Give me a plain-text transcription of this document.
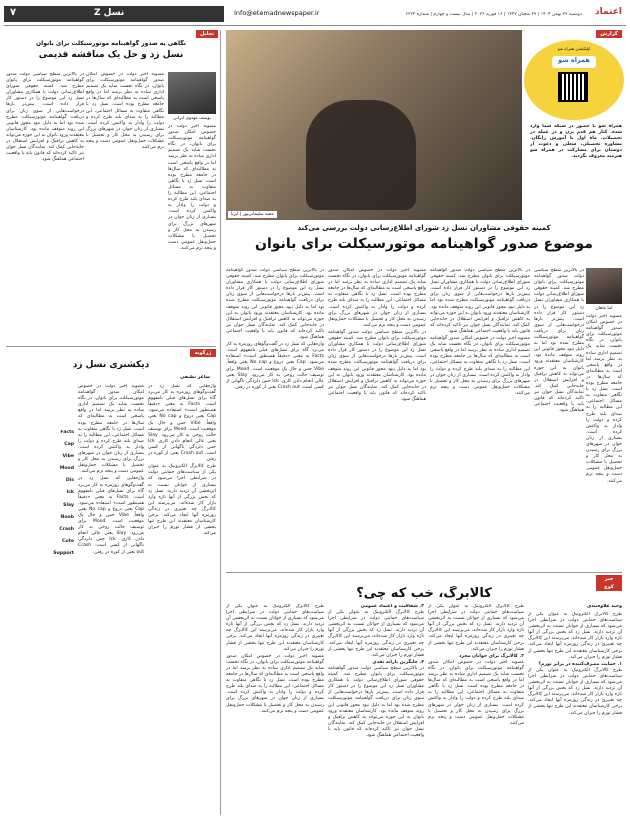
اعتماد
دوشنبه ۲۷ بهمن ۱۴۰۴ | ۲۷ شعبان ۱۴۴۷ | ۱۶ فوریه ۲۰۲۶ | سال بیست و چهارم | شماره ۶۲۶۴
Info@etemadnewspaper.ir
نسل Z
۷
تحلیل
نگاهی به صدور گواهینامه موتورسیکلت برای بانوان
نسل زد و حل یک مناقشه قدیمی
یوسف مهدوی ایرانی
مصوبه اخیر دولت در خصوص امکان صدور گواهینامه موتورسیکلت برای بانوان، در نگاه نخست شاید یک تصمیم اداری ساده به نظر برسد اما در واقع پاسخی است به مطالبه‌ای که سال‌ها در جامعه مطرح بوده است. نسل زد با نگاهی متفاوت به مسائل اجتماعی، این مطالبه را به صدای بلند طرح کرده و دولت را وادار به واکنش کرده است. بسیاری از زنان جوان در شهرهای بزرگ برای رسیدن به محل کار و تحصیل با مشکلات حمل‌ونقل عمومی دست و پنجه نرم می‌کنند.
در بالاترین سطح سیاسی دولت صدور گواهینامه موتورسیکلت برای بانوان مطرح شد. کمیته حقوقی شورای اطلاع‌رسانی دولت با همکاری مشاوران نسل زد این موضوع را در دستور کار قرار داده است. پیش‌تر بارها درخواست‌هایی از سوی زنان برای دریافت گواهینامه موتورسیکلت مطرح شده بود اما به دلیل نبود مجوز قانونی این روند متوقف مانده بود. کارشناسان معتقدند ورود بانوان به این حوزه می‌تواند به کاهش ترافیک و افزایش استقلال در جابه‌جایی کمک کند. نمایندگان نسل جوان نیز تاکید کرده‌اند که قانون باید با واقعیت اجتماعی هماهنگ شود.
مصوبه اخیر دولت در خصوص امکان صدور گواهینامه موتورسیکلت برای بانوان، در نگاه نخست شاید یک تصمیم اداری ساده به نظر برسد اما در واقع پاسخی است به مطالبه‌ای که سال‌ها در جامعه مطرح بوده است. نسل زد با نگاهی متفاوت به مسائل اجتماعی، این مطالبه را به صدای بلند طرح کرده و دولت را وادار به واکنش کرده است. بسیاری از زنان جوان در شهرهای بزرگ برای رسیدن به محل کار و تحصیل با مشکلات حمل‌ونقل عمومی دست و پنجه نرم می‌کنند.
ژرگونه
دیکشنری نسل زد
ساغر نظیفی
واژه‌هایی که نسل زد در گفت‌وگوهای روزمره به کار می‌برد گاه برای نسل‌های قبلی نامفهوم است. Facts به معنی «دقیقاً همینطور است» استفاده می‌شود. Cap یعنی دروغ و No cap یعنی واقعاً. Vibe حس و حال یک موقعیت است. Mood برای توصیف حالت روحی به کار می‌رود. Slay یعنی عالی انجام دادن کاری. Ick حس دلزدگی ناگهانی از کسی است. Crash out یعنی از کوره در رفتن.

طرح کالابرگ الکترونیک به عنوان یکی از سیاست‌های حمایتی دولت در شرایطی اجرا می‌شود که بسیاری از جوانان نسبت به اثربخشی آن تردید دارند. نسل زد که بخش بزرگی از آنها تازه وارد بازار کار شده‌اند، می‌پرسند این کالابرگ چه تغییری در زندگی روزمره آنها ایجاد می‌کند. برخی کارشناسان معتقدند این طرح تنها بخشی از فشار تورم را جبران می‌کند.
مصوبه اخیر دولت در خصوص امکان صدور گواهینامه موتورسیکلت برای بانوان، در نگاه نخست شاید یک تصمیم اداری ساده به نظر برسد اما در واقع پاسخی است به مطالبه‌ای که سال‌ها در جامعه مطرح بوده است. نسل زد با نگاهی متفاوت به مسائل اجتماعی، این مطالبه را به صدای بلند طرح کرده و دولت را وادار به واکنش کرده است. بسیاری از زنان جوان در شهرهای بزرگ برای رسیدن به محل کار و تحصیل با مشکلات حمل‌ونقل عمومی دست و پنجه نرم می‌کنند.

واژه‌هایی که نسل زد در گفت‌وگوهای روزمره به کار می‌برد گاه برای نسل‌های قبلی نامفهوم است. Facts به معنی «دقیقاً همینطور است» استفاده می‌شود. Cap یعنی دروغ و No cap یعنی واقعاً. Vibe حس و حال یک موقعیت است. Mood برای توصیف حالت روحی به کار می‌رود. Slay یعنی عالی انجام دادن کاری. Ick حس دلزدگی ناگهانی از کسی است. Crash out یعنی از کوره در رفتن.
Facts
Cap
Vibe
Mood
Dis
Ick
Slay
Noob
Crash
Cute
Support
گزارش
همراه شو
اپلیکیشن همراه شو
همراه شو با حضور در شبکه شما وارد شده. کنار هم قدم بزن و در عمله در تحصیلات. ماه اول با آموزش رایگان. مشاوره تحصیلی، شغلی و دعوت از دوستان برای مشارکت در همراه شو هنرمند معروف بگردید.
مجید سلیمانی‌پور | ایرنا
کمیته حقوقی مشاوران نسل زد شورای اطلاع‌رسانی دولت بررسی می‌کند
موضوع صدور گواهینامه موتورسیکلت برای بانوان
آتنا ماهان
در بالاترین سطح سیاسی دولت صدور گواهینامه موتورسیکلت برای بانوان مطرح شد. کمیته حقوقی شورای اطلاع‌رسانی دولت با همکاری مشاوران نسل زد این موضوع را در دستور کار قرار داده است. پیش‌تر بارها درخواست‌هایی از سوی زنان برای دریافت گواهینامه موتورسیکلت مطرح شده بود اما به دلیل نبود مجوز قانونی این روند متوقف مانده بود. کارشناسان معتقدند ورود بانوان به این حوزه می‌تواند به کاهش ترافیک و افزایش استقلال در جابه‌جایی کمک کند. نمایندگان نسل جوان نیز تاکید کرده‌اند که قانون باید با واقعیت اجتماعی هماهنگ شود.
مصوبه اخیر دولت در خصوص امکان صدور گواهینامه موتورسیکلت برای بانوان، در نگاه نخست شاید یک تصمیم اداری ساده به نظر برسد اما در واقع پاسخی است به مطالبه‌ای که سال‌ها در جامعه مطرح بوده است. نسل زد با نگاهی متفاوت به مسائل اجتماعی، این مطالبه را به صدای بلند طرح کرده و دولت را وادار به واکنش کرده است. بسیاری از زنان جوان در شهرهای بزرگ برای رسیدن به محل کار و تحصیل با مشکلات حمل‌ونقل عمومی دست و پنجه نرم می‌کنند.
در بالاترین سطح سیاسی دولت صدور گواهینامه موتورسیکلت برای بانوان مطرح شد. کمیته حقوقی شورای اطلاع‌رسانی دولت با همکاری مشاوران نسل زد این موضوع را در دستور کار قرار داده است. پیش‌تر بارها درخواست‌هایی از سوی زنان برای دریافت گواهینامه موتورسیکلت مطرح شده بود اما به دلیل نبود مجوز قانونی این روند متوقف مانده بود. کارشناسان معتقدند ورود بانوان به این حوزه می‌تواند به کاهش ترافیک و افزایش استقلال در جابه‌جایی کمک کند. نمایندگان نسل جوان نیز تاکید کرده‌اند که قانون باید با واقعیت اجتماعی هماهنگ شود.

مصوبه اخیر دولت در خصوص امکان صدور گواهینامه موتورسیکلت برای بانوان، در نگاه نخست شاید یک تصمیم اداری ساده به نظر برسد اما در واقع پاسخی است به مطالبه‌ای که سال‌ها در جامعه مطرح بوده است. نسل زد با نگاهی متفاوت به مسائل اجتماعی، این مطالبه را به صدای بلند طرح کرده و دولت را وادار به واکنش کرده است. بسیاری از زنان جوان در شهرهای بزرگ برای رسیدن به محل کار و تحصیل با مشکلات حمل‌ونقل عمومی دست و پنجه نرم می‌کنند.
مصوبه اخیر دولت در خصوص امکان صدور گواهینامه موتورسیکلت برای بانوان، در نگاه نخست شاید یک تصمیم اداری ساده به نظر برسد اما در واقع پاسخی است به مطالبه‌ای که سال‌ها در جامعه مطرح بوده است. نسل زد با نگاهی متفاوت به مسائل اجتماعی، این مطالبه را به صدای بلند طرح کرده و دولت را وادار به واکنش کرده است. بسیاری از زنان جوان در شهرهای بزرگ برای رسیدن به محل کار و تحصیل با مشکلات حمل‌ونقل عمومی دست و پنجه نرم می‌کنند.

در بالاترین سطح سیاسی دولت صدور گواهینامه موتورسیکلت برای بانوان مطرح شد. کمیته حقوقی شورای اطلاع‌رسانی دولت با همکاری مشاوران نسل زد این موضوع را در دستور کار قرار داده است. پیش‌تر بارها درخواست‌هایی از سوی زنان برای دریافت گواهینامه موتورسیکلت مطرح شده بود اما به دلیل نبود مجوز قانونی این روند متوقف مانده بود. کارشناسان معتقدند ورود بانوان به این حوزه می‌تواند به کاهش ترافیک و افزایش استقلال در جابه‌جایی کمک کند. نمایندگان نسل جوان نیز تاکید کرده‌اند که قانون باید با واقعیت اجتماعی هماهنگ شود.
در بالاترین سطح سیاسی دولت صدور گواهینامه موتورسیکلت برای بانوان مطرح شد. کمیته حقوقی شورای اطلاع‌رسانی دولت با همکاری مشاوران نسل زد این موضوع را در دستور کار قرار داده است. پیش‌تر بارها درخواست‌هایی از سوی زنان برای دریافت گواهینامه موتورسیکلت مطرح شده بود اما به دلیل نبود مجوز قانونی این روند متوقف مانده بود. کارشناسان معتقدند ورود بانوان به این حوزه می‌تواند به کاهش ترافیک و افزایش استقلال در جابه‌جایی کمک کند. نمایندگان نسل جوان نیز تاکید کرده‌اند که قانون باید با واقعیت اجتماعی هماهنگ شود.

واژه‌هایی که نسل زد در گفت‌وگوهای روزمره به کار می‌برد گاه برای نسل‌های قبلی نامفهوم است. Facts به معنی «دقیقاً همینطور است» استفاده می‌شود. Cap یعنی دروغ و No cap یعنی واقعاً. Vibe حس و حال یک موقعیت است. Mood برای توصیف حالت روحی به کار می‌رود. Slay یعنی عالی انجام دادن کاری. Ick حس دلزدگی ناگهانی از کسی است. Crash out یعنی از کوره در رفتن.
خبر کوچ
کالابرگ، خب که چی؟
وحید علاوه‌بندی
طرح کالابرگ الکترونیک به عنوان یکی از سیاست‌های حمایتی دولت در شرایطی اجرا می‌شود که بسیاری از جوانان نسبت به اثربخشی آن تردید دارند. نسل زد که بخش بزرگی از آنها تازه وارد بازار کار شده‌اند، می‌پرسند این کالابرگ چه تغییری در زندگی روزمره آنها ایجاد می‌کند. برخی کارشناسان معتقدند این طرح تنها بخشی از فشار تورم را جبران می‌کند.

۱. حمایت مصرف‌کننده در برابر تورم؟
طرح کالابرگ الکترونیک به عنوان یکی از سیاست‌های حمایتی دولت در شرایطی اجرا می‌شود که بسیاری از جوانان نسبت به اثربخشی آن تردید دارند. نسل زد که بخش بزرگی از آنها تازه وارد بازار کار شده‌اند، می‌پرسند این کالابرگ چه تغییری در زندگی روزمره آنها ایجاد می‌کند. برخی کارشناسان معتقدند این طرح تنها بخشی از فشار تورم را جبران می‌کند.
طرح کالابرگ الکترونیک به عنوان یکی از سیاست‌های حمایتی دولت در شرایطی اجرا می‌شود که بسیاری از جوانان نسبت به اثربخشی آن تردید دارند. نسل زد که بخش بزرگی از آنها تازه وارد بازار کار شده‌اند، می‌پرسند این کالابرگ چه تغییری در زندگی روزمره آنها ایجاد می‌کند. برخی کارشناسان معتقدند این طرح تنها بخشی از فشار تورم را جبران می‌کند.

۲. کالابرگ برای جوانان مجرد
مصوبه اخیر دولت در خصوص امکان صدور گواهینامه موتورسیکلت برای بانوان، در نگاه نخست شاید یک تصمیم اداری ساده به نظر برسد اما در واقع پاسخی است به مطالبه‌ای که سال‌ها در جامعه مطرح بوده است. نسل زد با نگاهی متفاوت به مسائل اجتماعی، این مطالبه را به صدای بلند طرح کرده و دولت را وادار به واکنش کرده است. بسیاری از زنان جوان در شهرهای بزرگ برای رسیدن به محل کار و تحصیل با مشکلات حمل‌ونقل عمومی دست و پنجه نرم می‌کنند.
۳. شفافیت و اعتماد عمومی
طرح کالابرگ الکترونیک به عنوان یکی از سیاست‌های حمایتی دولت در شرایطی اجرا می‌شود که بسیاری از جوانان نسبت به اثربخشی آن تردید دارند. نسل زد که بخش بزرگی از آنها تازه وارد بازار کار شده‌اند، می‌پرسند این کالابرگ چه تغییری در زندگی روزمره آنها ایجاد می‌کند. برخی کارشناسان معتقدند این طرح تنها بخشی از فشار تورم را جبران می‌کند.

۴. جایگزین یارانه نقدی
در بالاترین سطح سیاسی دولت صدور گواهینامه موتورسیکلت برای بانوان مطرح شد. کمیته حقوقی شورای اطلاع‌رسانی دولت با همکاری مشاوران نسل زد این موضوع را در دستور کار قرار داده است. پیش‌تر بارها درخواست‌هایی از سوی زنان برای دریافت گواهینامه موتورسیکلت مطرح شده بود اما به دلیل نبود مجوز قانونی این روند متوقف مانده بود. کارشناسان معتقدند ورود بانوان به این حوزه می‌تواند به کاهش ترافیک و افزایش استقلال در جابه‌جایی کمک کند. نمایندگان نسل جوان نیز تاکید کرده‌اند که قانون باید با واقعیت اجتماعی هماهنگ شود.
طرح کالابرگ الکترونیک به عنوان یکی از سیاست‌های حمایتی دولت در شرایطی اجرا می‌شود که بسیاری از جوانان نسبت به اثربخشی آن تردید دارند. نسل زد که بخش بزرگی از آنها تازه وارد بازار کار شده‌اند، می‌پرسند این کالابرگ چه تغییری در زندگی روزمره آنها ایجاد می‌کند. برخی کارشناسان معتقدند این طرح تنها بخشی از فشار تورم را جبران می‌کند.

مصوبه اخیر دولت در خصوص امکان صدور گواهینامه موتورسیکلت برای بانوان، در نگاه نخست شاید یک تصمیم اداری ساده به نظر برسد اما در واقع پاسخی است به مطالبه‌ای که سال‌ها در جامعه مطرح بوده است. نسل زد با نگاهی متفاوت به مسائل اجتماعی، این مطالبه را به صدای بلند طرح کرده و دولت را وادار به واکنش کرده است. بسیاری از زنان جوان در شهرهای بزرگ برای رسیدن به محل کار و تحصیل با مشکلات حمل‌ونقل عمومی دست و پنجه نرم می‌کنند.
